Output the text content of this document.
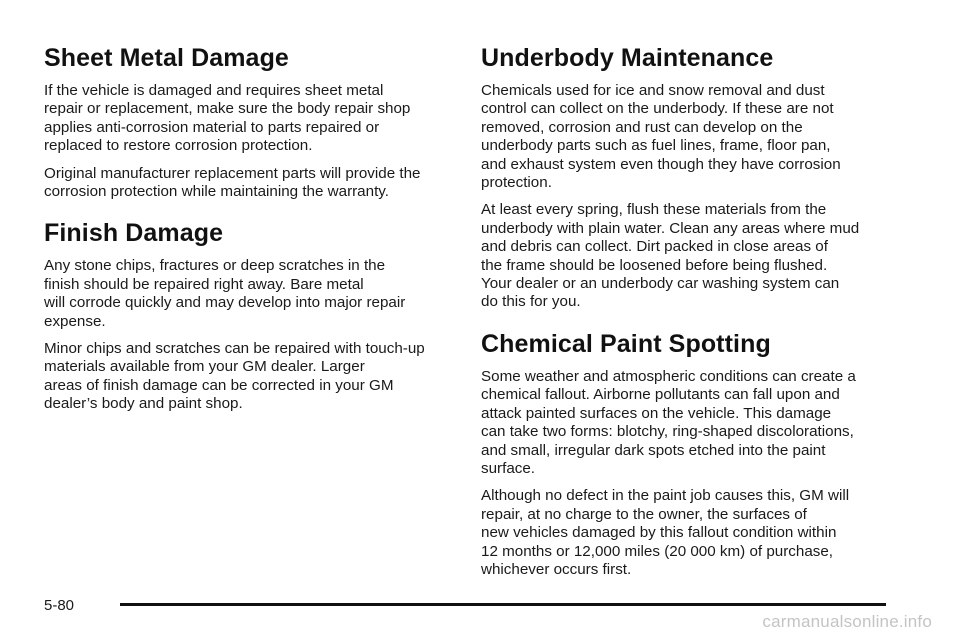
Sheet Metal Damage

If the vehicle is damaged and requires sheet metal
repair or replacement, make sure the body repair shop
applies anti-corrosion material to parts repaired or
replaced to restore corrosion protection.

Original manufacturer replacement parts will provide the
corrosion protection while maintaining the warranty.

Finish Damage

Any stone chips, fractures or deep scratches in the
finish should be repaired right away. Bare metal
will corrode quickly and may develop into major repair
expense.

Minor chips and scratches can be repaired with touch-up
materials available from your GM dealer. Larger
areas of finish damage can be corrected in your GM
dealer’s body and paint shop.

Underbody Maintenance

Chemicals used for ice and snow removal and dust
control can collect on the underbody. If these are not
removed, corrosion and rust can develop on the
underbody parts such as fuel lines, frame, floor pan,
and exhaust system even though they have corrosion
protection.

At least every spring, flush these materials from the
underbody with plain water. Clean any areas where mud
and debris can collect. Dirt packed in close areas of
the frame should be loosened before being flushed.
Your dealer or an underbody car washing system can
do this for you.

Chemical Paint Spotting

Some weather and atmospheric conditions can create a
chemical fallout. Airborne pollutants can fall upon and
attack painted surfaces on the vehicle. This damage
can take two forms: blotchy, ring-shaped discolorations,
and small, irregular dark spots etched into the paint
surface.

Although no defect in the paint job causes this, GM will
repair, at no charge to the owner, the surfaces of
new vehicles damaged by this fallout condition within
12 months or 12,000 miles (20 000 km) of purchase,
whichever occurs first.

5-80
carmanualsonline.info
